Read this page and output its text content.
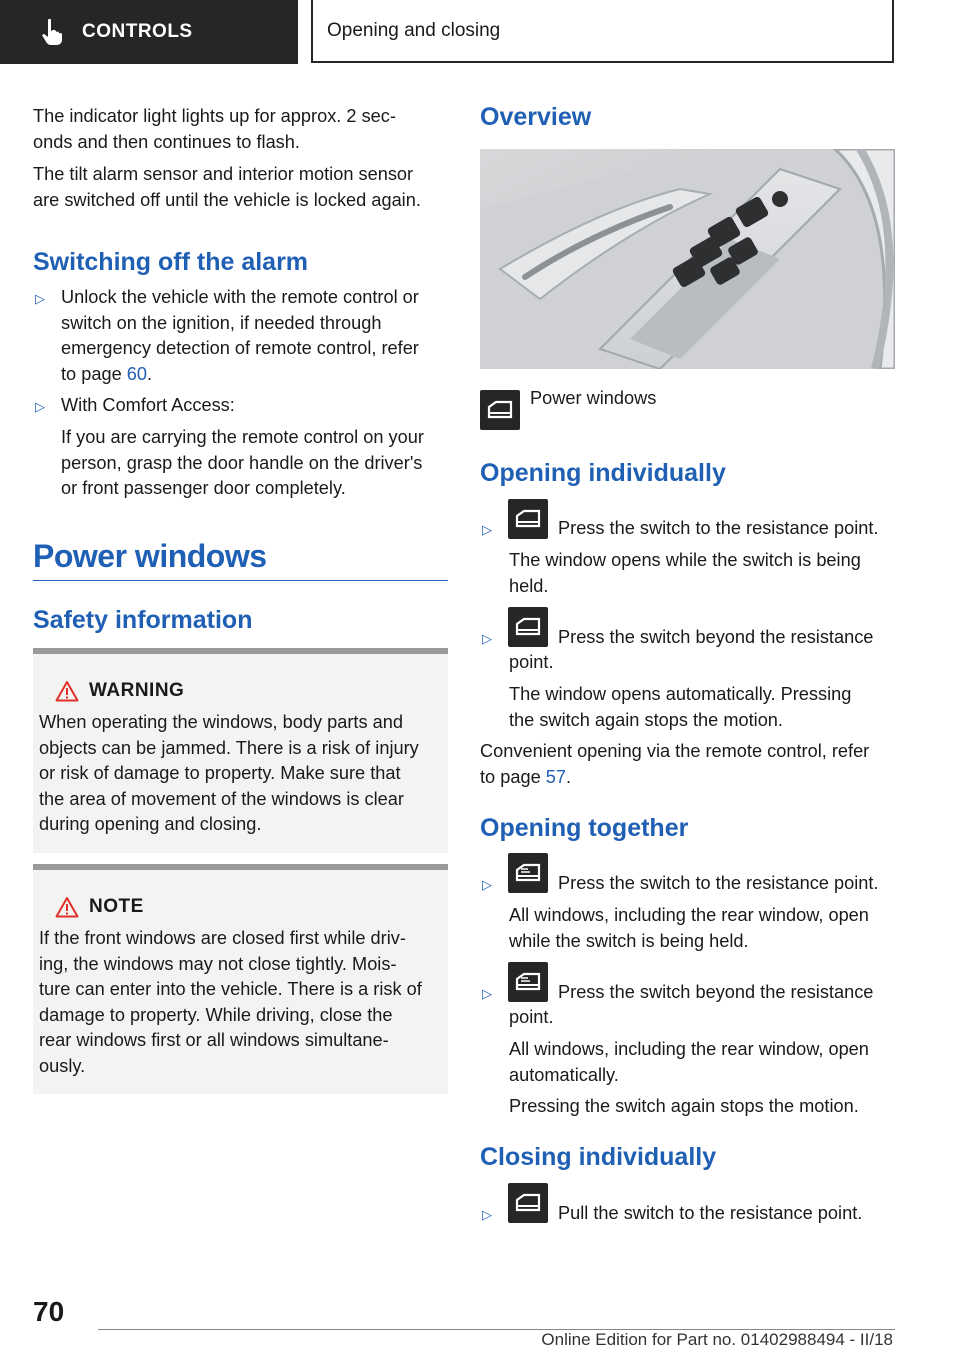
CONTROLS	Opening and closing
The indicator light lights up for approx. 2 sec-
onds and then continues to flash.
The tilt alarm sensor and interior motion sensor
are switched off until the vehicle is locked again.
Switching off the alarm
▷ Unlock the vehicle with the remote control or
switch on the ignition, if needed through
emergency detection of remote control, refer
to page 60.
▷ With Comfort Access:
If you are carrying the remote control on your
person, grasp the door handle on the driver's
or front passenger door completely.
Power windows
Safety information
WARNING
When operating the windows, body parts and
objects can be jammed. There is a risk of injury
or risk of damage to property. Make sure that
the area of movement of the windows is clear
during opening and closing.
NOTE
If the front windows are closed first while driv-
ing, the windows may not close tightly. Mois-
ture can enter into the vehicle. There is a risk of
damage to property. While driving, close the
rear windows first or all windows simultane-
ously.
Overview
Power windows
Opening individually
▷	Press the switch to the resistance point.
The window opens while the switch is being
held.
▷	Press the switch beyond the resistance
point.
The window opens automatically. Pressing
the switch again stops the motion.
Convenient opening via the remote control, refer
to page 57.
Opening together
▷	Press the switch to the resistance point.
All windows, including the rear window, open
while the switch is being held.
▷	Press the switch beyond the resistance
point.
All windows, including the rear window, open
automatically.
Pressing the switch again stops the motion.
Closing individually
▷	Pull the switch to the resistance point.
70
Online Edition for Part no. 01402988494 - II/18
